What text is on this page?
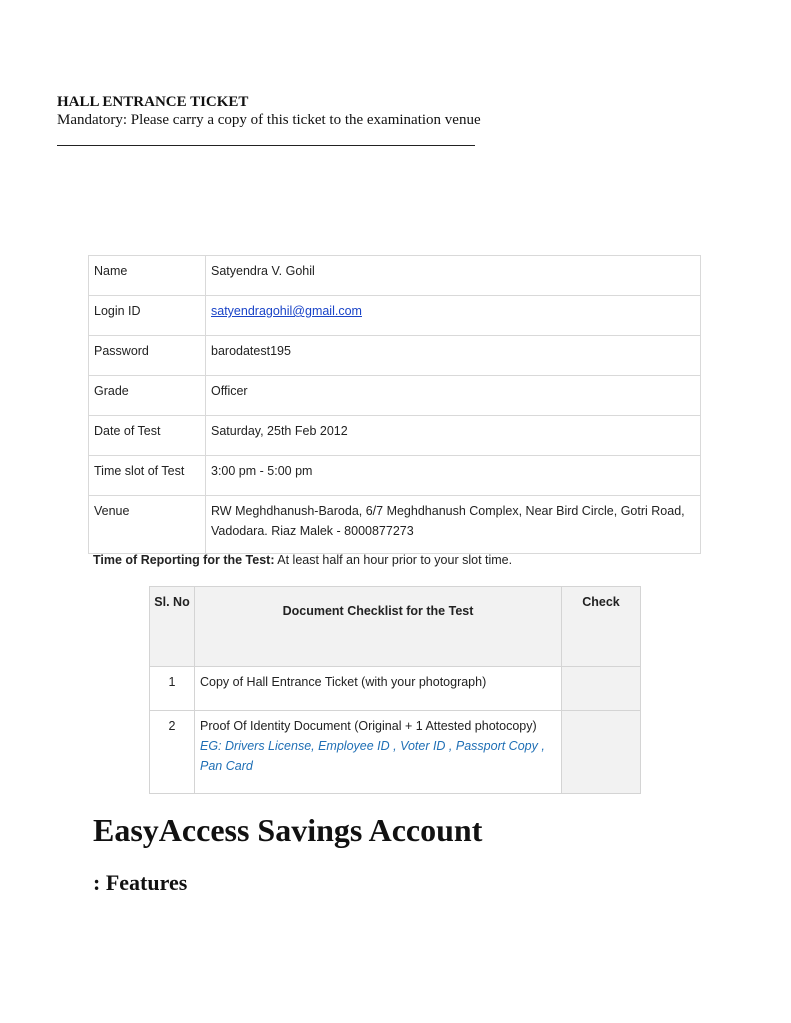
HALL ENTRANCE TICKET
Mandatory: Please carry a copy of this ticket to the examination venue
Name	Satyendra V. Gohil
Login ID	satyendragohil@gmail.com
Password	barodatest195
Grade	Officer
Date of Test	Saturday, 25th Feb 2012
Time slot of Test	3:00 pm - 5:00 pm
Venue	RW Meghdhanush-Baroda, 6/7 Meghdhanush Complex, Near Bird Circle, Gotri Road, Vadodara. Riaz Malek - 8000877273
Time of Reporting for the Test: At least half an hour prior to your slot time.
Sl. No	Document Checklist for the Test	Check
1	Copy of Hall Entrance Ticket (with your photograph)	
2	Proof Of Identity Document (Original + 1 Attested photocopy)
EG: Drivers License, Employee ID , Voter ID , Passport Copy , Pan Card	

EasyAccess Savings Account
: Features
